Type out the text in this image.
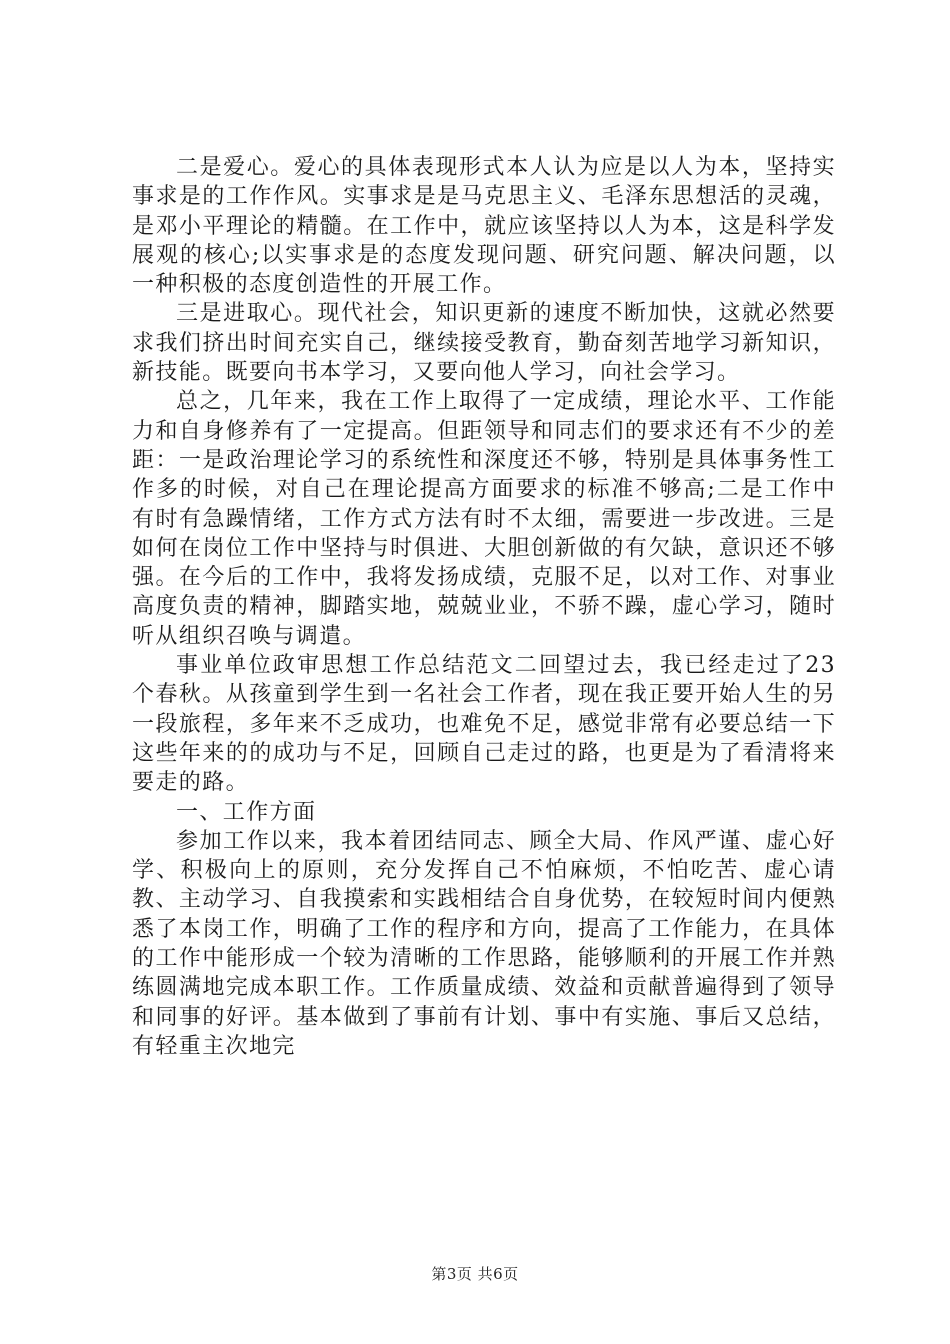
二是爱心。爱心的具体表现形式本人认为应是以人为本，坚持实事求是的工作作风。实事求是是马克思主义、毛泽东思想活的灵魂，是邓小平理论的精髓。在工作中，就应该坚持以人为本，这是科学发展观的核心;以实事求是的态度发现问题、研究问题、解决问题，以一种积极的态度创造性的开展工作。

三是进取心。现代社会，知识更新的速度不断加快，这就必然要求我们挤出时间充实自己，继续接受教育，勤奋刻苦地学习新知识，新技能。既要向书本学习，又要向他人学习，向社会学习。

总之，几年来，我在工作上取得了一定成绩，理论水平、工作能力和自身修养有了一定提高。但距领导和同志们的要求还有不少的差距：一是政治理论学习的系统性和深度还不够，特别是具体事务性工作多的时候，对自己在理论提高方面要求的标准不够高;二是工作中有时有急躁情绪，工作方式方法有时不太细，需要进一步改进。三是如何在岗位工作中坚持与时俱进、大胆创新做的有欠缺，意识还不够强。在今后的工作中，我将发扬成绩，克服不足，以对工作、对事业高度负责的精神，脚踏实地，兢兢业业，不骄不躁，虚心学习，随时听从组织召唤与调遣。

事业单位政审思想工作总结范文二回望过去，我已经走过了23个春秋。从孩童到学生到一名社会工作者，现在我正要开始人生的另一段旅程，多年来不乏成功，也难免不足，感觉非常有必要总结一下这些年来的的成功与不足，回顾自己走过的路，也更是为了看清将来要走的路。

一、工作方面

参加工作以来，我本着团结同志、顾全大局、作风严谨、虚心好学、积极向上的原则，充分发挥自己不怕麻烦，不怕吃苦、虚心请教、主动学习、自我摸索和实践相结合自身优势，在较短时间内便熟悉了本岗工作，明确了工作的程序和方向，提高了工作能力，在具体的工作中能形成一个较为清晰的工作思路，能够顺利的开展工作并熟练圆满地完成本职工作。工作质量成绩、效益和贡献普遍得到了领导和同事的好评。基本做到了事前有计划、事中有实施、事后又总结，有轻重主次地完

第3页 共6页
